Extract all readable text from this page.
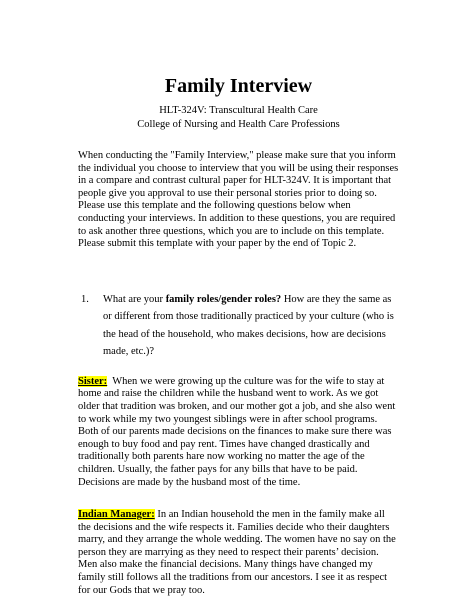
Family Interview
HLT-324V: Transcultural Health Care
College of Nursing and Health Care Professions

When conducting the "Family Interview," please make sure that you inform the individual you choose to interview that you will be using their responses in a compare and contrast cultural paper for HLT-324V. It is important that people give you approval to use their personal stories prior to doing so. Please use this template and the following questions below when conducting your interviews. In addition to these questions, you are required to ask another three questions, which you are to include on this template. Please submit this template with your paper by the end of Topic 2.

1.	What are your family roles/gender roles? How are they the same as or different from those traditionally practiced by your culture (who is the head of the household, who makes decisions, how are decisions made, etc.)?

Sister: When we were growing up the culture was for the wife to stay at home and raise the children while the husband went to work. As we got older that tradition was broken, and our mother got a job, and she also went to work while my two youngest siblings were in after school programs. Both of our parents made decisions on the finances to make sure there was enough to buy food and pay rent. Times have changed drastically and traditionally both parents hare now working no matter the age of the children. Usually, the father pays for any bills that have to be paid. Decisions are made by the husband most of the time.

Indian Manager: In an Indian household the men in the family make all the decisions and the wife respects it. Families decide who their daughters marry, and they arrange the whole wedding. The women have no say on the person they are marrying as they need to respect their parents’ decision. Men also make the financial decisions. Many things have changed my family still follows all the traditions from our ancestors. I see it as respect for our Gods that we pray too.
